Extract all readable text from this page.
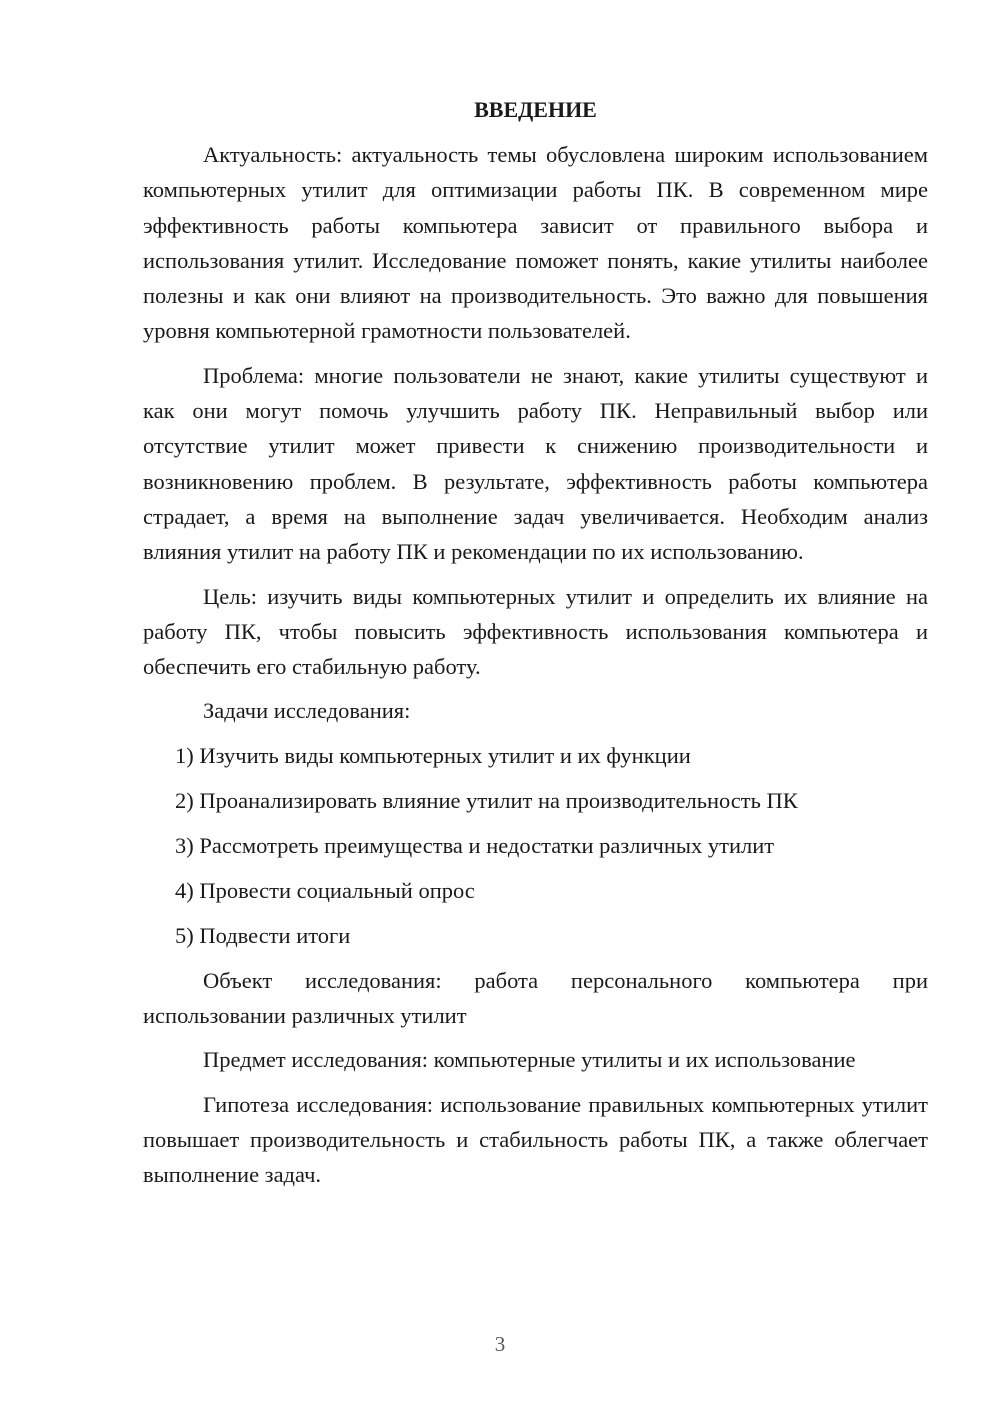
ВВЕДЕНИЕ

Актуальность: актуальность темы обусловлена широким использованием компьютерных утилит для оптимизации работы ПК. В современном мире эффективность работы компьютера зависит от правильного выбора и использования утилит. Исследование поможет понять, какие утилиты наиболее полезны и как они влияют на производительность. Это важно для повышения уровня компьютерной грамотности пользователей.

Проблема: многие пользователи не знают, какие утилиты существуют и как они могут помочь улучшить работу ПК. Неправильный выбор или отсутствие утилит может привести к снижению производительности и возникновению проблем. В результате, эффективность работы компьютера страдает, а время на выполнение задач увеличивается. Необходим анализ влияния утилит на работу ПК и рекомендации по их использованию.

Цель: изучить виды компьютерных утилит и определить их влияние на работу ПК, чтобы повысить эффективность использования компьютера и обеспечить его стабильную работу.

Задачи исследования:

1) Изучить виды компьютерных утилит и их функции

2) Проанализировать влияние утилит на производительность ПК

3) Рассмотреть преимущества и недостатки различных утилит

4) Провести социальный опрос

5) Подвести итоги

Объект исследования: работа персонального компьютера при использовании различных утилит

Предмет исследования: компьютерные утилиты и их использование

Гипотеза исследования: использование правильных компьютерных утилит повышает производительность и стабильность работы ПК, а также облегчает выполнение задач.

3
